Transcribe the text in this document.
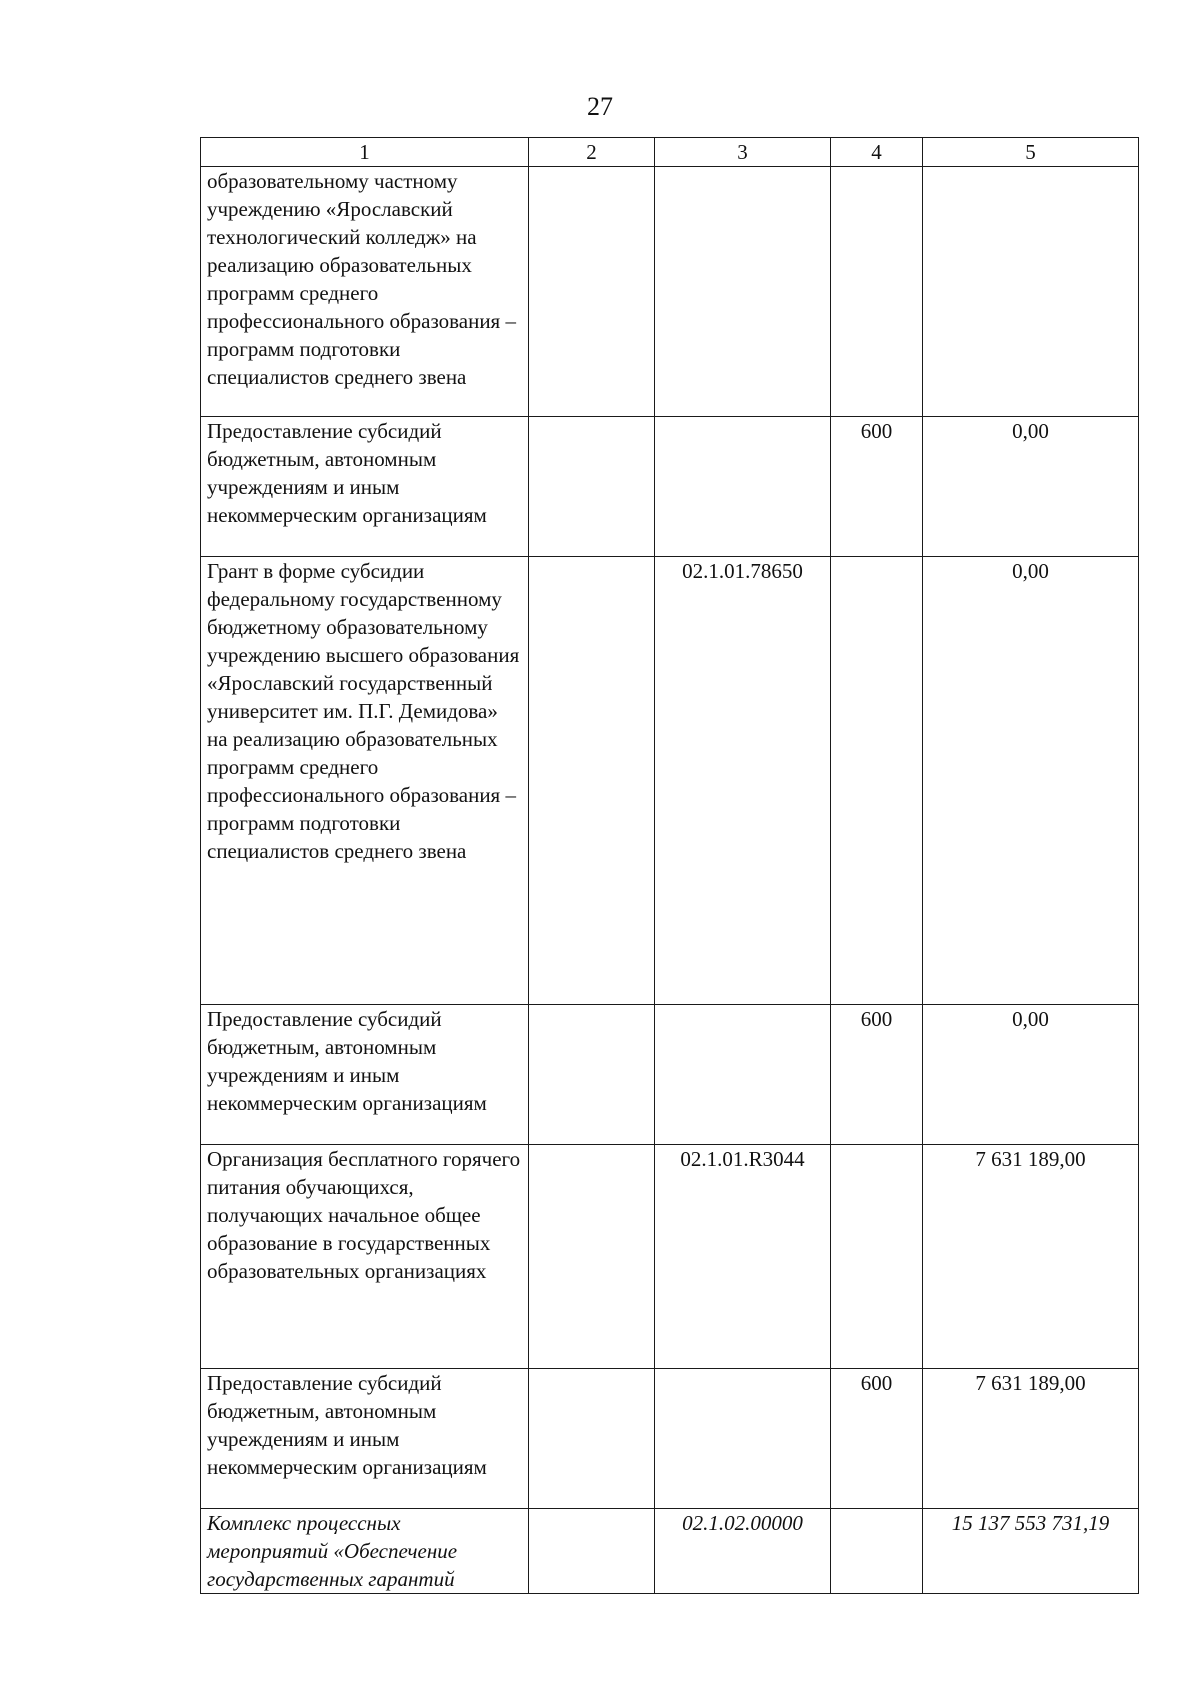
27
1	2	3	4	5
образовательному частному учреждению «Ярославский технологический колледж» на реализацию образовательных программ среднего профессионального образования – программ подготовки специалистов среднего звена				
Предоставление субсидий бюджетным, автономным учреждениям и иным некоммерческим организациям			600	0,00
Грант в форме субсидии федеральному государственному бюджетному образовательному учреждению высшего образования «Ярославский государственный университет им. П.Г. Демидова» на реализацию образовательных программ среднего профессионального образования – программ подготовки специалистов среднего звена		02.1.01.78650		0,00
Предоставление субсидий бюджетным, автономным учреждениям и иным некоммерческим организациям			600	0,00
Организация бесплатного горячего питания обучающихся, получающих начальное общее образование в государственных образовательных организациях		02.1.01.R3044		7 631 189,00
Предоставление субсидий бюджетным, автономным учреждениям и иным некоммерческим организациям			600	7 631 189,00
Комплекс процессных мероприятий «Обеспечение государственных гарантий		02.1.02.00000		15 137 553 731,19
